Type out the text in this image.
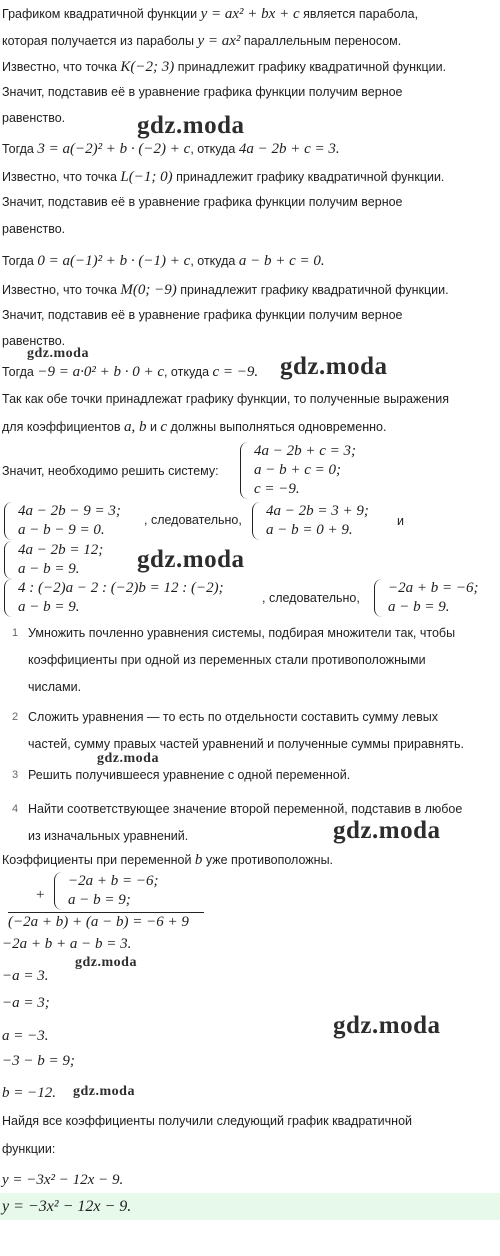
Графиком квадратичной функции y = ax² + bx + c является парабола,
которая получается из параболы y = ax² параллельным переносом.
Известно, что точка K(−2; 3) принадлежит графику квадратичной функции.
Значит, подставив её в уравнение графика функции получим верное
равенство.	gdz.moda
Тогда 3 = a(−2)² + b · (−2) + c, откуда 4a − 2b + c = 3.
Известно, что точка L(−1; 0) принадлежит графику квадратичной функции.
Значит, подставив её в уравнение графика функции получим верное
равенство.
Тогда 0 = a(−1)² + b · (−1) + c, откуда a − b + c = 0.
Известно, что точка M(0; −9) принадлежит графику квадратичной функции.
Значит, подставив её в уравнение графика функции получим верное
равенство.
gdz.moda
Тогда −9 = a·0² + b · 0 + c, откуда c = −9. gdz.moda
Так как обе точки принадлежат графику функции, то полученные выражения
для коэффициентов a, b и c должны выполняться одновременно.
Значит, необходимо решить систему:
4a − 2b + c = 3;
a − b + c = 0;
c = −9.
4a − 2b − 9 = 3;
a − b − 9 = 0.
, следовательно,
4a − 2b = 3 + 9;
a − b = 0 + 9.
и
4a − 2b = 12;
a − b = 9.	gdz.moda
4 : (−2)a − 2 : (−2)b = 12 : (−2);
a − b = 9.
, следовательно,
−2a + b = −6;
a − b = 9.
1 Умножить почленно уравнения системы, подбирая множители так, чтобы
коэффициенты при одной из переменных стали противоположными
числами.
2 Сложить уравнения — то есть по отдельности составить сумму левых
частей, сумму правых частей уравнений и полученные суммы приравнять.
gdz.moda
3 Решить получившееся уравнение с одной переменной.
4 Найти соответствующее значение второй переменной, подставив в любое
из изначальных уравнений.	gdz.moda
Коэффициенты при переменной b уже противоположны.
+
−2a + b = −6;
a − b = 9;
(−2a + b) + (a − b) = −6 + 9
−2a + b + a − b = 3.
gdz.moda
−a = 3.
−a = 3;
gdz.moda
a = −3.
−3 − b = 9;
b = −12. gdz.moda
Найдя все коэффициенты получили следующий график квадратичной
функции:
y = −3x² − 12x − 9.
y = −3x² − 12x − 9.
